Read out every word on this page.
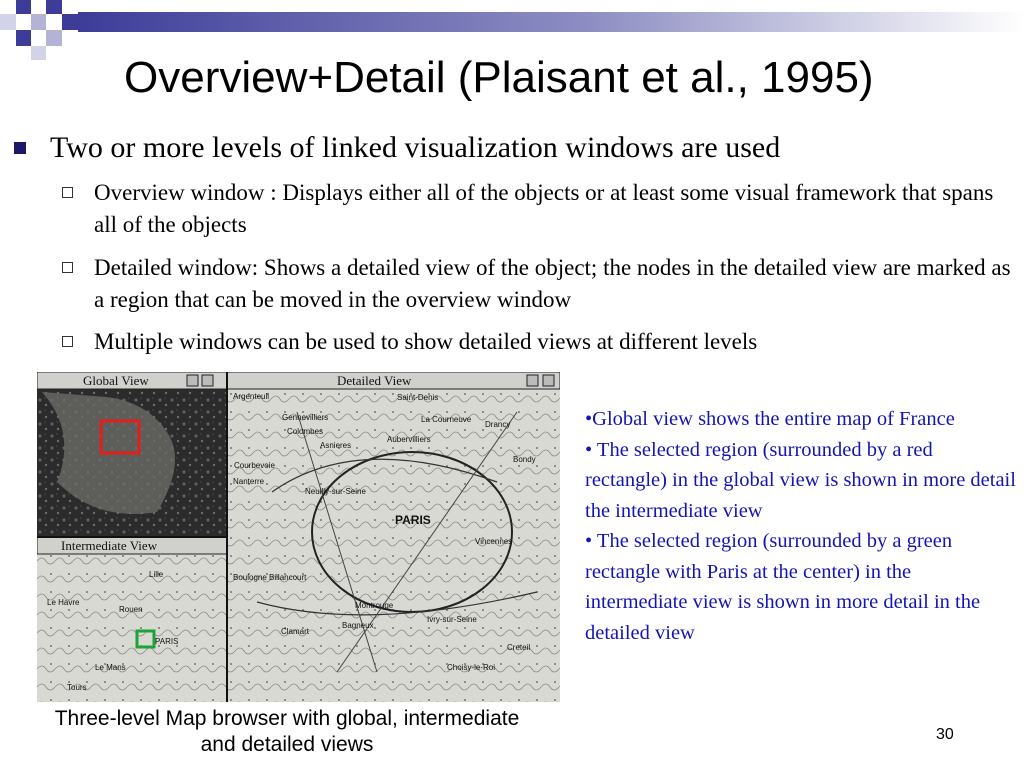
Overview+Detail (Plaisant et al., 1995)
Two or more levels of linked visualization windows are used
Overview window : Displays either all of the objects or at least some visual framework that spans all of the objects
Detailed window: Shows a detailed view of the object; the nodes in the detailed view are marked as a region that can be moved in the overview window
Multiple windows can be used to show detailed views at different levels
Global View
Intermediate View
Lille
Le Havre
Rouen
PARIS
Le Mans
Tours
Detailed View
Saint-Denis
Argenteuil
Gennevilliers
Colombes
La Courneuve
Drancy
Asnieres
Aubervilliers
Courbevoie
Bondy
Nanterre
Neuilly-sur-Seine
PARIS
Vincennes
Boulogne Billancourt
Montrouge
Bagneux
Clamart
Ivry-sur-Seine
Creteil
Choisy-le-Roi
Three-level Map browser with global, intermediate and detailed views
•Global view shows the entire map of France
• The selected region (surrounded by a red rectangle) in the global view is shown in more detail the intermediate view
• The selected region (surrounded by a green rectangle with Paris at the center) in the intermediate view is shown in more detail in the detailed view
30
